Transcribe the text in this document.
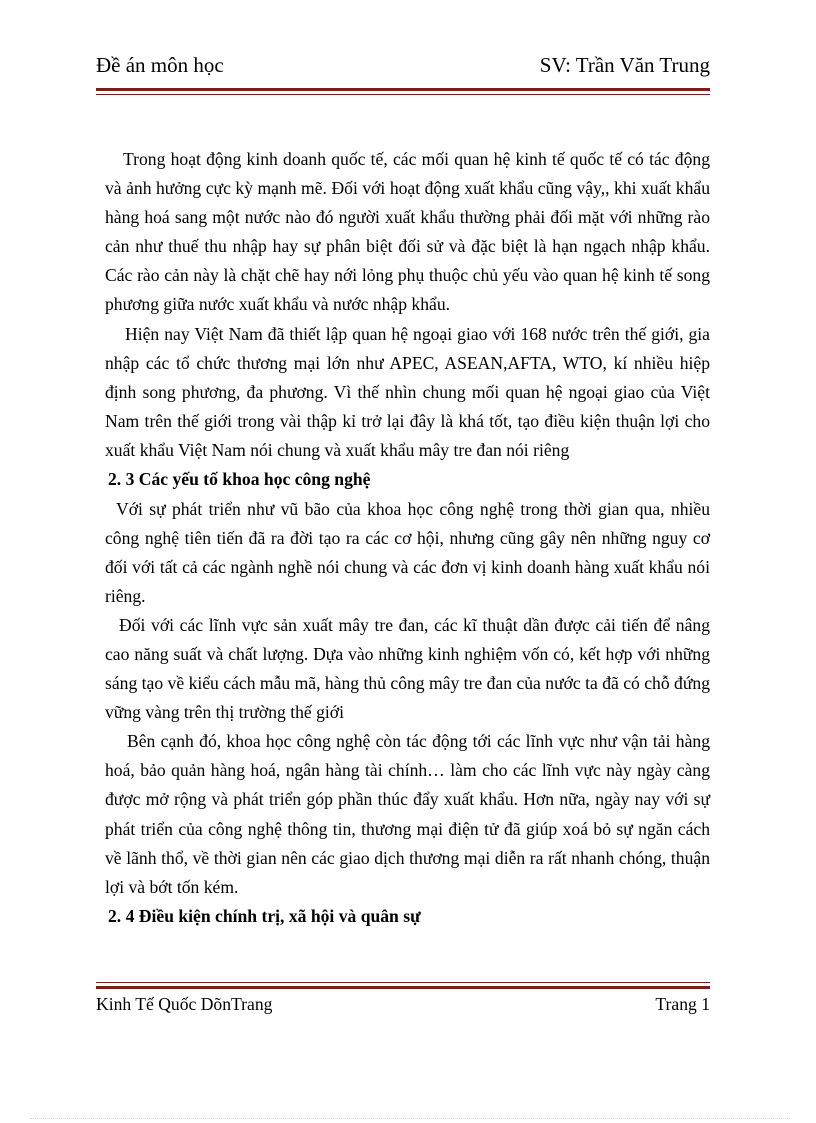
Đề án môn học	SV: Trần Văn Trung

Trong hoạt động kinh doanh quốc tế, các mối quan hệ kinh tế quốc tế có tác động và ảnh hưởng cực kỳ mạnh mẽ. Đối với hoạt động xuất khẩu cũng vậy,, khi xuất khẩu hàng hoá sang một nước nào đó người xuất khẩu thường phải đối mặt với những rào cản như thuế thu nhập hay sự phân biệt đối sử và đặc biệt là hạn ngạch nhập khẩu. Các rào cản này là chặt chẽ hay nới lỏng phụ thuộc chủ yếu vào quan hệ kinh tế song phương giữa nước xuất khẩu và nước nhập khẩu.

Hiện nay Việt Nam đã thiết lập quan hệ ngoại giao với 168 nước trên thế giới, gia nhập các tổ chức thương mại lớn như APEC, ASEAN,AFTA, WTO, kí nhiều hiệp định song phương, đa phương. Vì thế nhìn chung mối quan hệ ngoại giao của Việt Nam trên thế giới trong vài thập kỉ trở lại đây là khá tốt, tạo điều kiện thuận lợi cho xuất khẩu Việt Nam nói chung và xuất khẩu mây tre đan nói riêng

2. 3 Các yếu tố khoa học công nghệ

Với sự phát triển như vũ bão của khoa học công nghệ trong thời gian qua, nhiều công nghệ tiên tiến đã ra đời tạo ra các cơ hội, nhưng cũng gây nên những nguy cơ đối với tất cả các ngành nghề nói chung và các đơn vị kinh doanh hàng xuất khẩu nói riêng.

Đối với các lĩnh vực sản xuất mây tre đan, các kĩ thuật dần được cải tiến để nâng cao năng suất và chất lượng. Dựa vào những kinh nghiệm vốn có, kết hợp với những sáng tạo về kiểu cách mẫu mã, hàng thủ công mây tre đan của nước ta đã có chỗ đứng vững vàng trên thị trường thế giới

Bên cạnh đó, khoa học công nghệ còn tác động tới các lĩnh vực như vận tải hàng hoá, bảo quản hàng hoá, ngân hàng tài chính… làm cho các lĩnh vực này ngày càng được mở rộng và phát triển góp phần thúc đẩy xuất khẩu. Hơn nữa, ngày nay với sự phát triển của công nghệ thông tin, thương mại điện tử đã giúp xoá bỏ sự ngăn cách về lãnh thổ, về thời gian nên các giao dịch thương mại diễn ra rất nhanh chóng, thuận lợi và bớt tốn kém.

2. 4 Điều kiện chính trị, xã hội và quân sự
Kinh Tế Quốc DõnTrang	Trang 1
